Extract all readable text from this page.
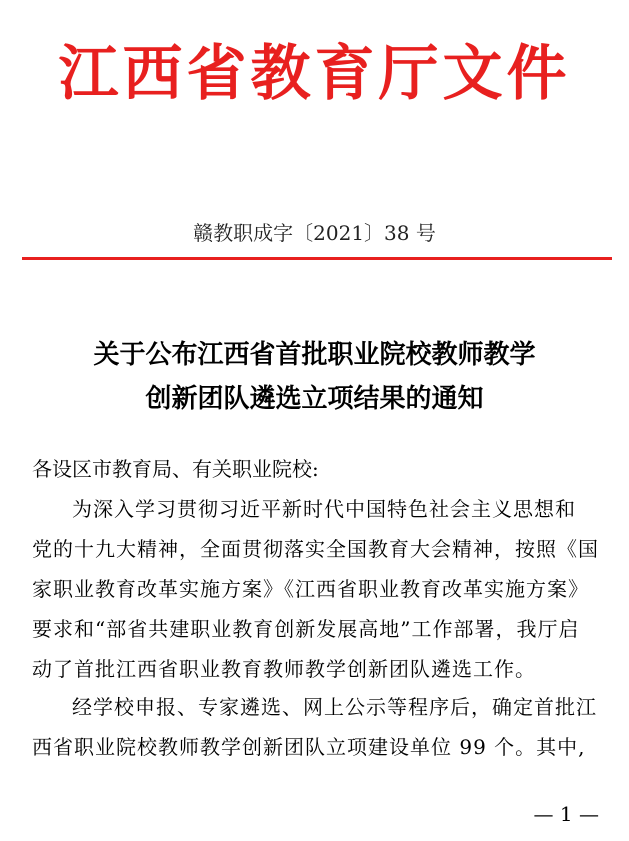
江西省教育厅文件
赣教职成字〔2021〕38 号
关于公布江西省首批职业院校教师教学
创新团队遴选立项结果的通知
各设区市教育局、有关职业院校:
为深入学习贯彻习近平新时代中国特色社会主义思想和
党的十九大精神，全面贯彻落实全国教育大会精神，按照《国
家职业教育改革实施方案》《江西省职业教育改革实施方案》
要求和“部省共建职业教育创新发展高地”工作部署，我厅启
动了首批江西省职业教育教师教学创新团队遴选工作。
经学校申报、专家遴选、网上公示等程序后，确定首批江
西省职业院校教师教学创新团队立项建设单位 99 个。其中,
— 1 —
